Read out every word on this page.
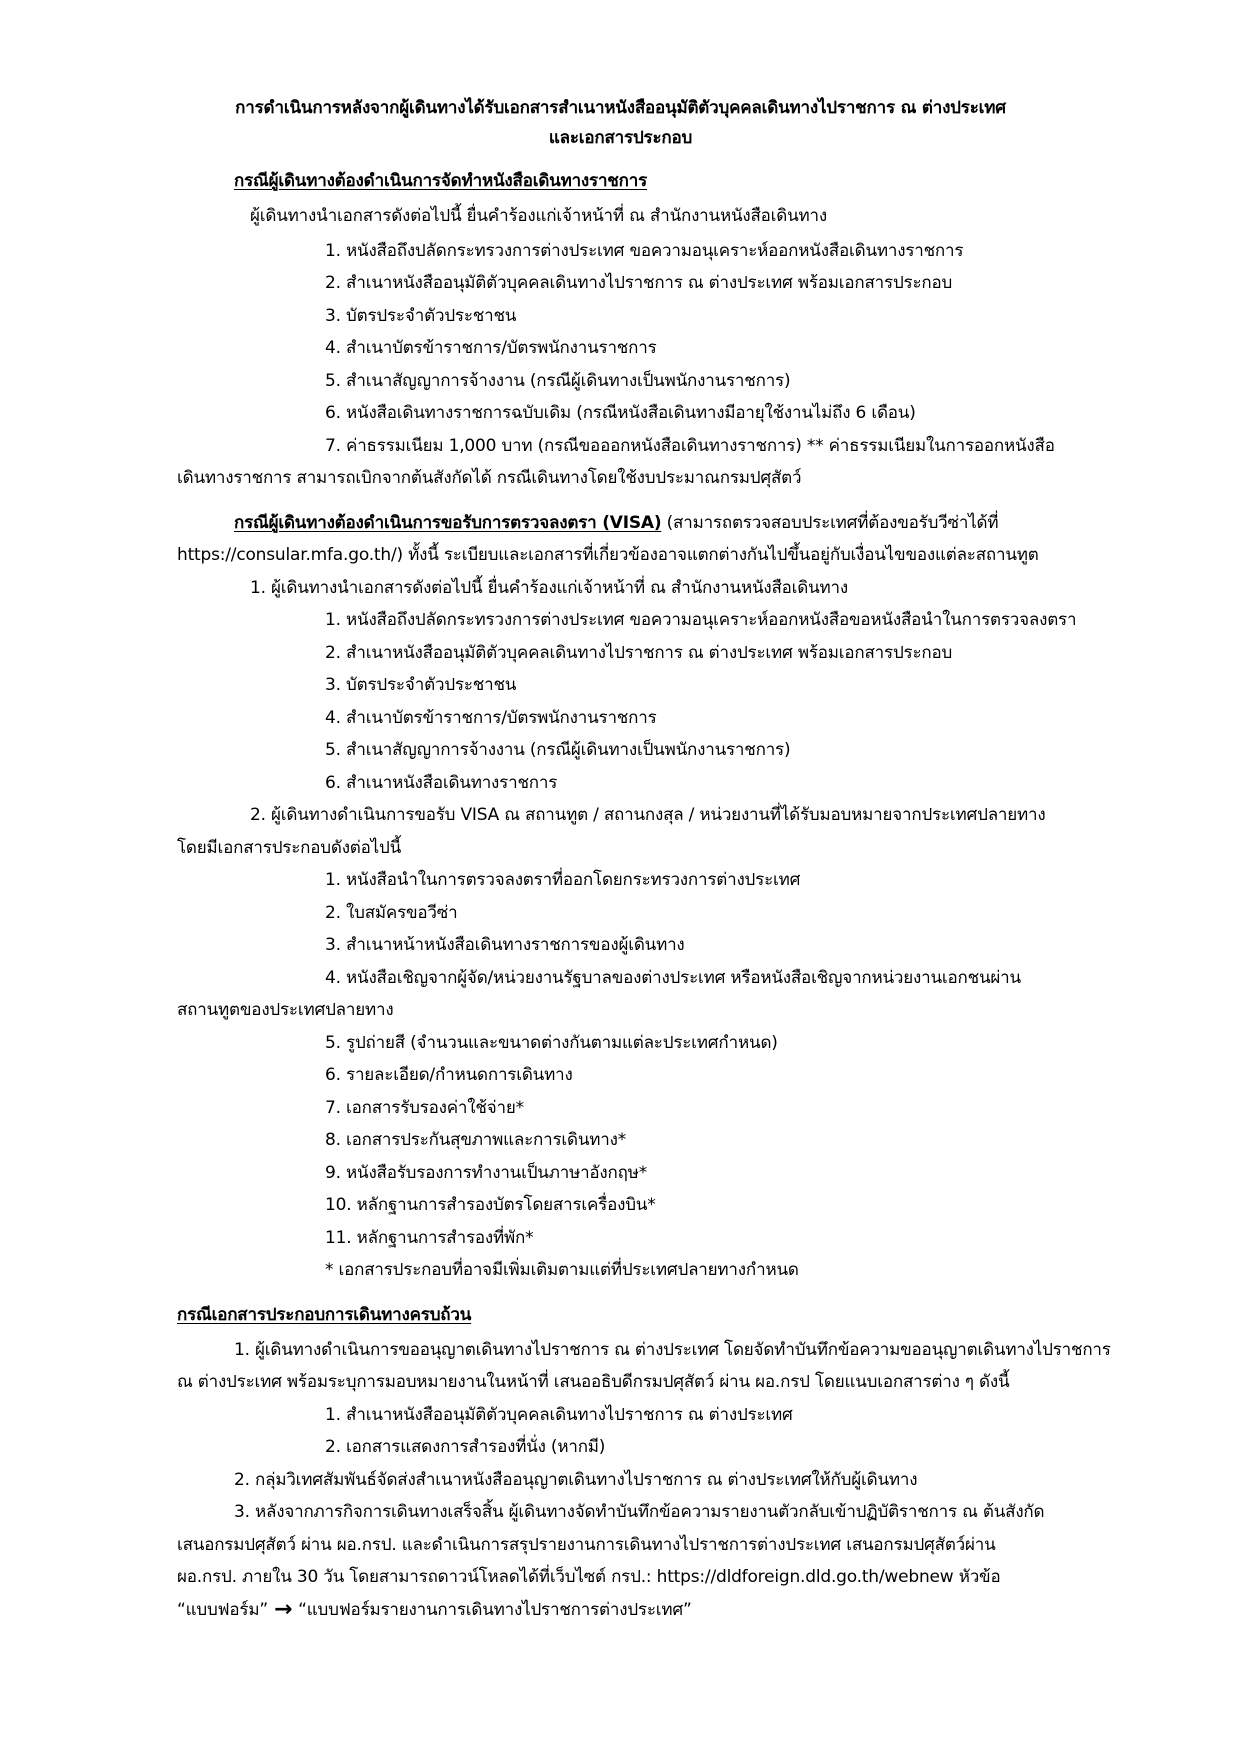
การดำเนินการหลังจากผู้เดินทางได้รับเอกสารสำเนาหนังสืออนุมัติตัวบุคคลเดินทางไปราชการ ณ ต่างประเทศ
และเอกสารประกอบ
กรณีผู้เดินทางต้องดำเนินการจัดทำหนังสือเดินทางราชการ
ผู้เดินทางนำเอกสารดังต่อไปนี้ ยื่นคำร้องแก่เจ้าหน้าที่ ณ สำนักงานหนังสือเดินทาง
1. หนังสือถึงปลัดกระทรวงการต่างประเทศ ขอความอนุเคราะห์ออกหนังสือเดินทางราชการ
2. สำเนาหนังสืออนุมัติตัวบุคคลเดินทางไปราชการ ณ ต่างประเทศ พร้อมเอกสารประกอบ
3. บัตรประจำตัวประชาชน
4. สำเนาบัตรข้าราชการ/บัตรพนักงานราชการ
5. สำเนาสัญญาการจ้างงาน (กรณีผู้เดินทางเป็นพนักงานราชการ)
6. หนังสือเดินทางราชการฉบับเดิม (กรณีหนังสือเดินทางมีอายุใช้งานไม่ถึง 6 เดือน)
7. ค่าธรรมเนียม 1,000 บาท (กรณีขอออกหนังสือเดินทางราชการ) ** ค่าธรรมเนียมในการออกหนังสือ
เดินทางราชการ สามารถเบิกจากต้นสังกัดได้ กรณีเดินทางโดยใช้งบประมาณกรมปศุสัตว์
กรณีผู้เดินทางต้องดำเนินการขอรับการตรวจลงตรา (VISA) (สามารถตรวจสอบประเทศที่ต้องขอรับวีซ่าได้ที่
https://consular.mfa.go.th/) ทั้งนี้ ระเบียบและเอกสารที่เกี่ยวข้องอาจแตกต่างกันไปขึ้นอยู่กับเงื่อนไขของแต่ละสถานทูต
1. ผู้เดินทางนำเอกสารดังต่อไปนี้ ยื่นคำร้องแก่เจ้าหน้าที่ ณ สำนักงานหนังสือเดินทาง
1. หนังสือถึงปลัดกระทรวงการต่างประเทศ ขอความอนุเคราะห์ออกหนังสือขอหนังสือนำในการตรวจลงตรา
2. สำเนาหนังสืออนุมัติตัวบุคคลเดินทางไปราชการ ณ ต่างประเทศ พร้อมเอกสารประกอบ
3. บัตรประจำตัวประชาชน
4. สำเนาบัตรข้าราชการ/บัตรพนักงานราชการ
5. สำเนาสัญญาการจ้างงาน (กรณีผู้เดินทางเป็นพนักงานราชการ)
6. สำเนาหนังสือเดินทางราชการ
2. ผู้เดินทางดำเนินการขอรับ VISA ณ สถานทูต / สถานกงสุล / หน่วยงานที่ได้รับมอบหมายจากประเทศปลายทาง
โดยมีเอกสารประกอบดังต่อไปนี้
1. หนังสือนำในการตรวจลงตราที่ออกโดยกระทรวงการต่างประเทศ
2. ใบสมัครขอวีซ่า
3. สำเนาหน้าหนังสือเดินทางราชการของผู้เดินทาง
4. หนังสือเชิญจากผู้จัด/หน่วยงานรัฐบาลของต่างประเทศ หรือหนังสือเชิญจากหน่วยงานเอกชนผ่าน
สถานทูตของประเทศปลายทาง
5. รูปถ่ายสี (จำนวนและขนาดต่างกันตามแต่ละประเทศกำหนด)
6. รายละเอียด/กำหนดการเดินทาง
7. เอกสารรับรองค่าใช้จ่าย*
8. เอกสารประกันสุขภาพและการเดินทาง*
9. หนังสือรับรองการทำงานเป็นภาษาอังกฤษ*
10. หลักฐานการสำรองบัตรโดยสารเครื่องบิน*
11. หลักฐานการสำรองที่พัก*
* เอกสารประกอบที่อาจมีเพิ่มเติมตามแต่ที่ประเทศปลายทางกำหนด
กรณีเอกสารประกอบการเดินทางครบถ้วน
1. ผู้เดินทางดำเนินการขออนุญาตเดินทางไปราชการ ณ ต่างประเทศ โดยจัดทำบันทึกข้อความขออนุญาตเดินทางไปราชการ
ณ ต่างประเทศ พร้อมระบุการมอบหมายงานในหน้าที่ เสนออธิบดีกรมปศุสัตว์ ผ่าน ผอ.กรป โดยแนบเอกสารต่าง ๆ ดังนี้
1. สำเนาหนังสืออนุมัติตัวบุคคลเดินทางไปราชการ ณ ต่างประเทศ
2. เอกสารแสดงการสำรองที่นั่ง (หากมี)
2. กลุ่มวิเทศสัมพันธ์จัดส่งสำเนาหนังสืออนุญาตเดินทางไปราชการ ณ ต่างประเทศให้กับผู้เดินทาง
3. หลังจากภารกิจการเดินทางเสร็จสิ้น ผู้เดินทางจัดทำบันทึกข้อความรายงานตัวกลับเข้าปฏิบัติราชการ ณ ต้นสังกัด
เสนอกรมปศุสัตว์ ผ่าน ผอ.กรป. และดำเนินการสรุปรายงานการเดินทางไปราชการต่างประเทศ เสนอกรมปศุสัตว์ผ่าน
ผอ.กรป. ภายใน 30 วัน โดยสามารถดาวน์โหลดได้ที่เว็บไซต์ กรป.: https://dldforeign.dld.go.th/webnew หัวข้อ
“แบบฟอร์ม” → “แบบฟอร์มรายงานการเดินทางไปราชการต่างประเทศ”
